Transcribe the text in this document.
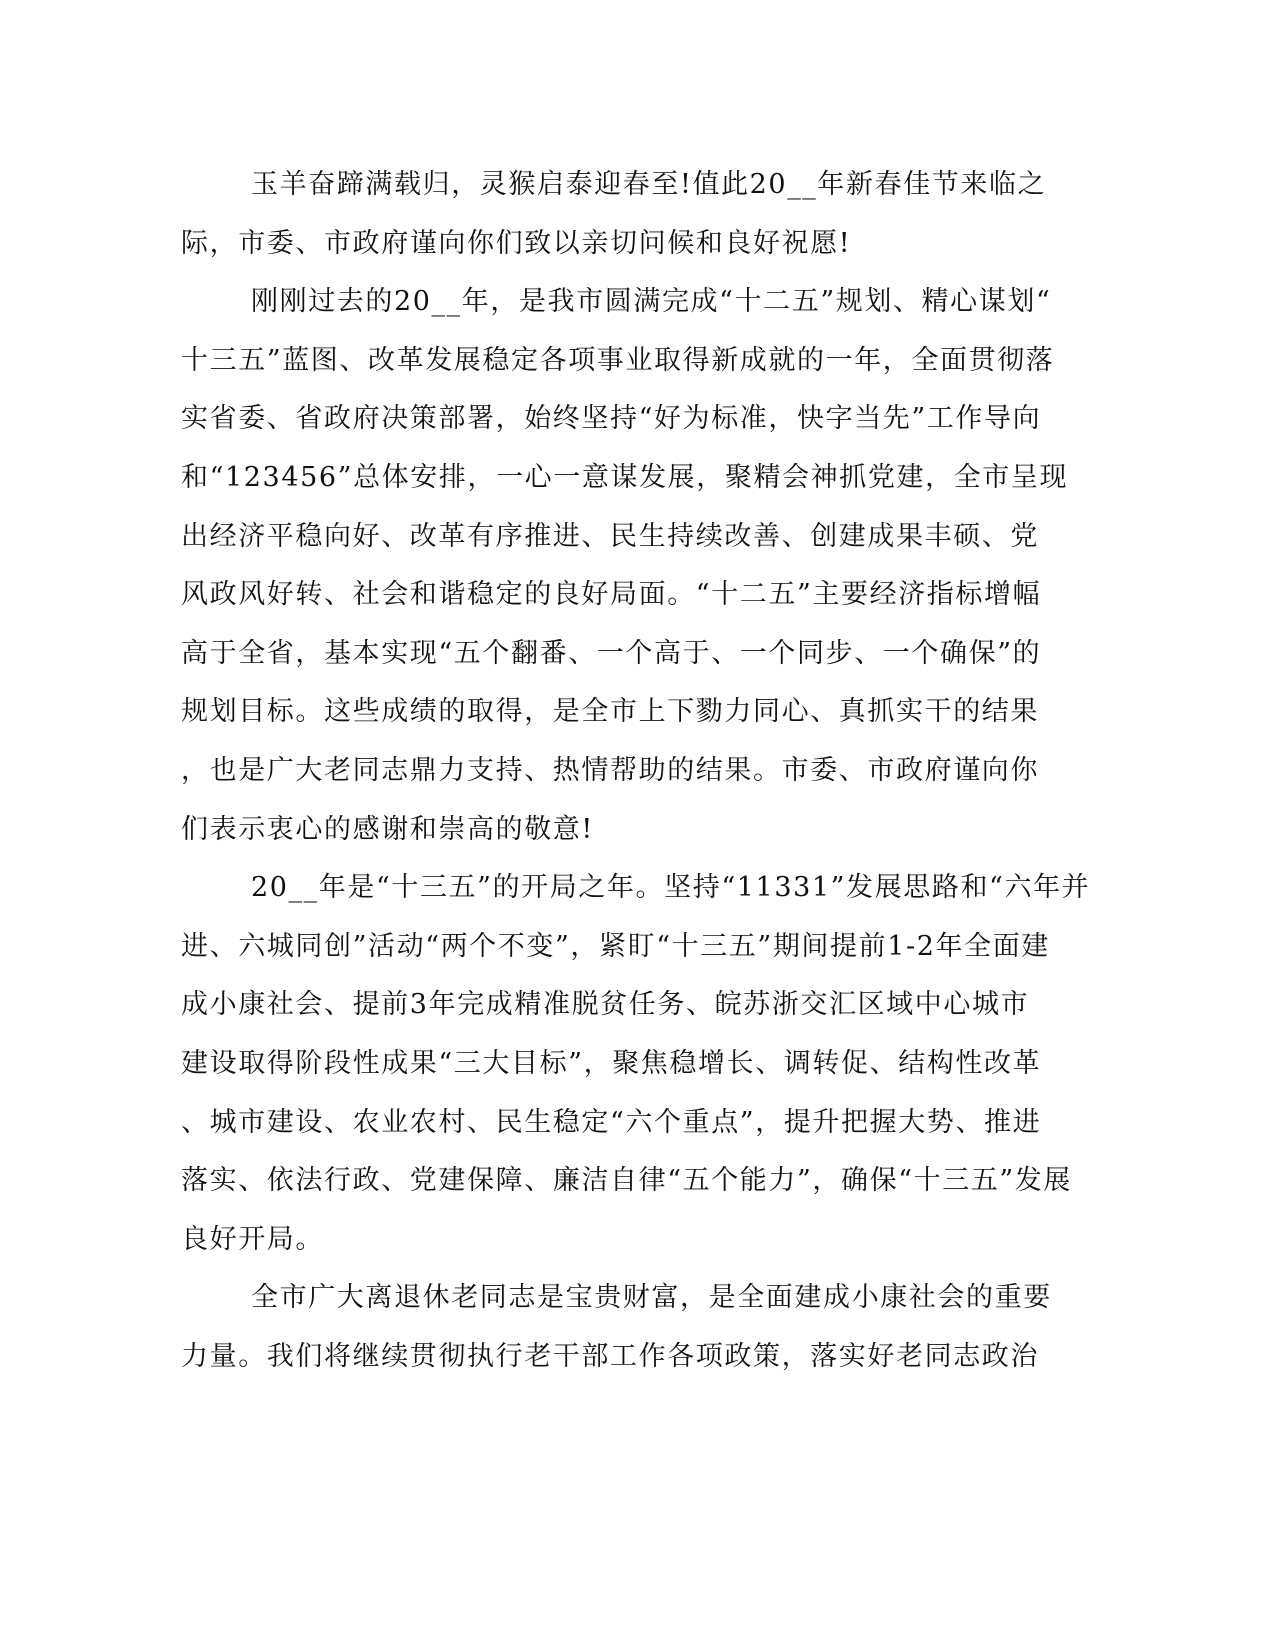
玉羊奋蹄满载归，灵猴启泰迎春至!值此20__年新春佳节来临之
际，市委、市政府谨向你们致以亲切问候和良好祝愿!
刚刚过去的20__年，是我市圆满完成“十二五”规划、精心谋划“
十三五”蓝图、改革发展稳定各项事业取得新成就的一年，全面贯彻落
实省委、省政府决策部署，始终坚持“好为标准，快字当先”工作导向
和“123456”总体安排，一心一意谋发展，聚精会神抓党建，全市呈现
出经济平稳向好、改革有序推进、民生持续改善、创建成果丰硕、党
风政风好转、社会和谐稳定的良好局面。“十二五”主要经济指标增幅
高于全省，基本实现“五个翻番、一个高于、一个同步、一个确保”的
规划目标。这些成绩的取得，是全市上下勠力同心、真抓实干的结果
，也是广大老同志鼎力支持、热情帮助的结果。市委、市政府谨向你
们表示衷心的感谢和崇高的敬意!
20__年是“十三五”的开局之年。坚持“11331”发展思路和“六年并
进、六城同创”活动“两个不变”，紧盯“十三五”期间提前1-2年全面建
成小康社会、提前3年完成精准脱贫任务、皖苏浙交汇区域中心城市
建设取得阶段性成果“三大目标”，聚焦稳增长、调转促、结构性改革
、城市建设、农业农村、民生稳定“六个重点”，提升把握大势、推进
落实、依法行政、党建保障、廉洁自律“五个能力”，确保“十三五”发展
良好开局。
全市广大离退休老同志是宝贵财富，是全面建成小康社会的重要
力量。我们将继续贯彻执行老干部工作各项政策，落实好老同志政治
